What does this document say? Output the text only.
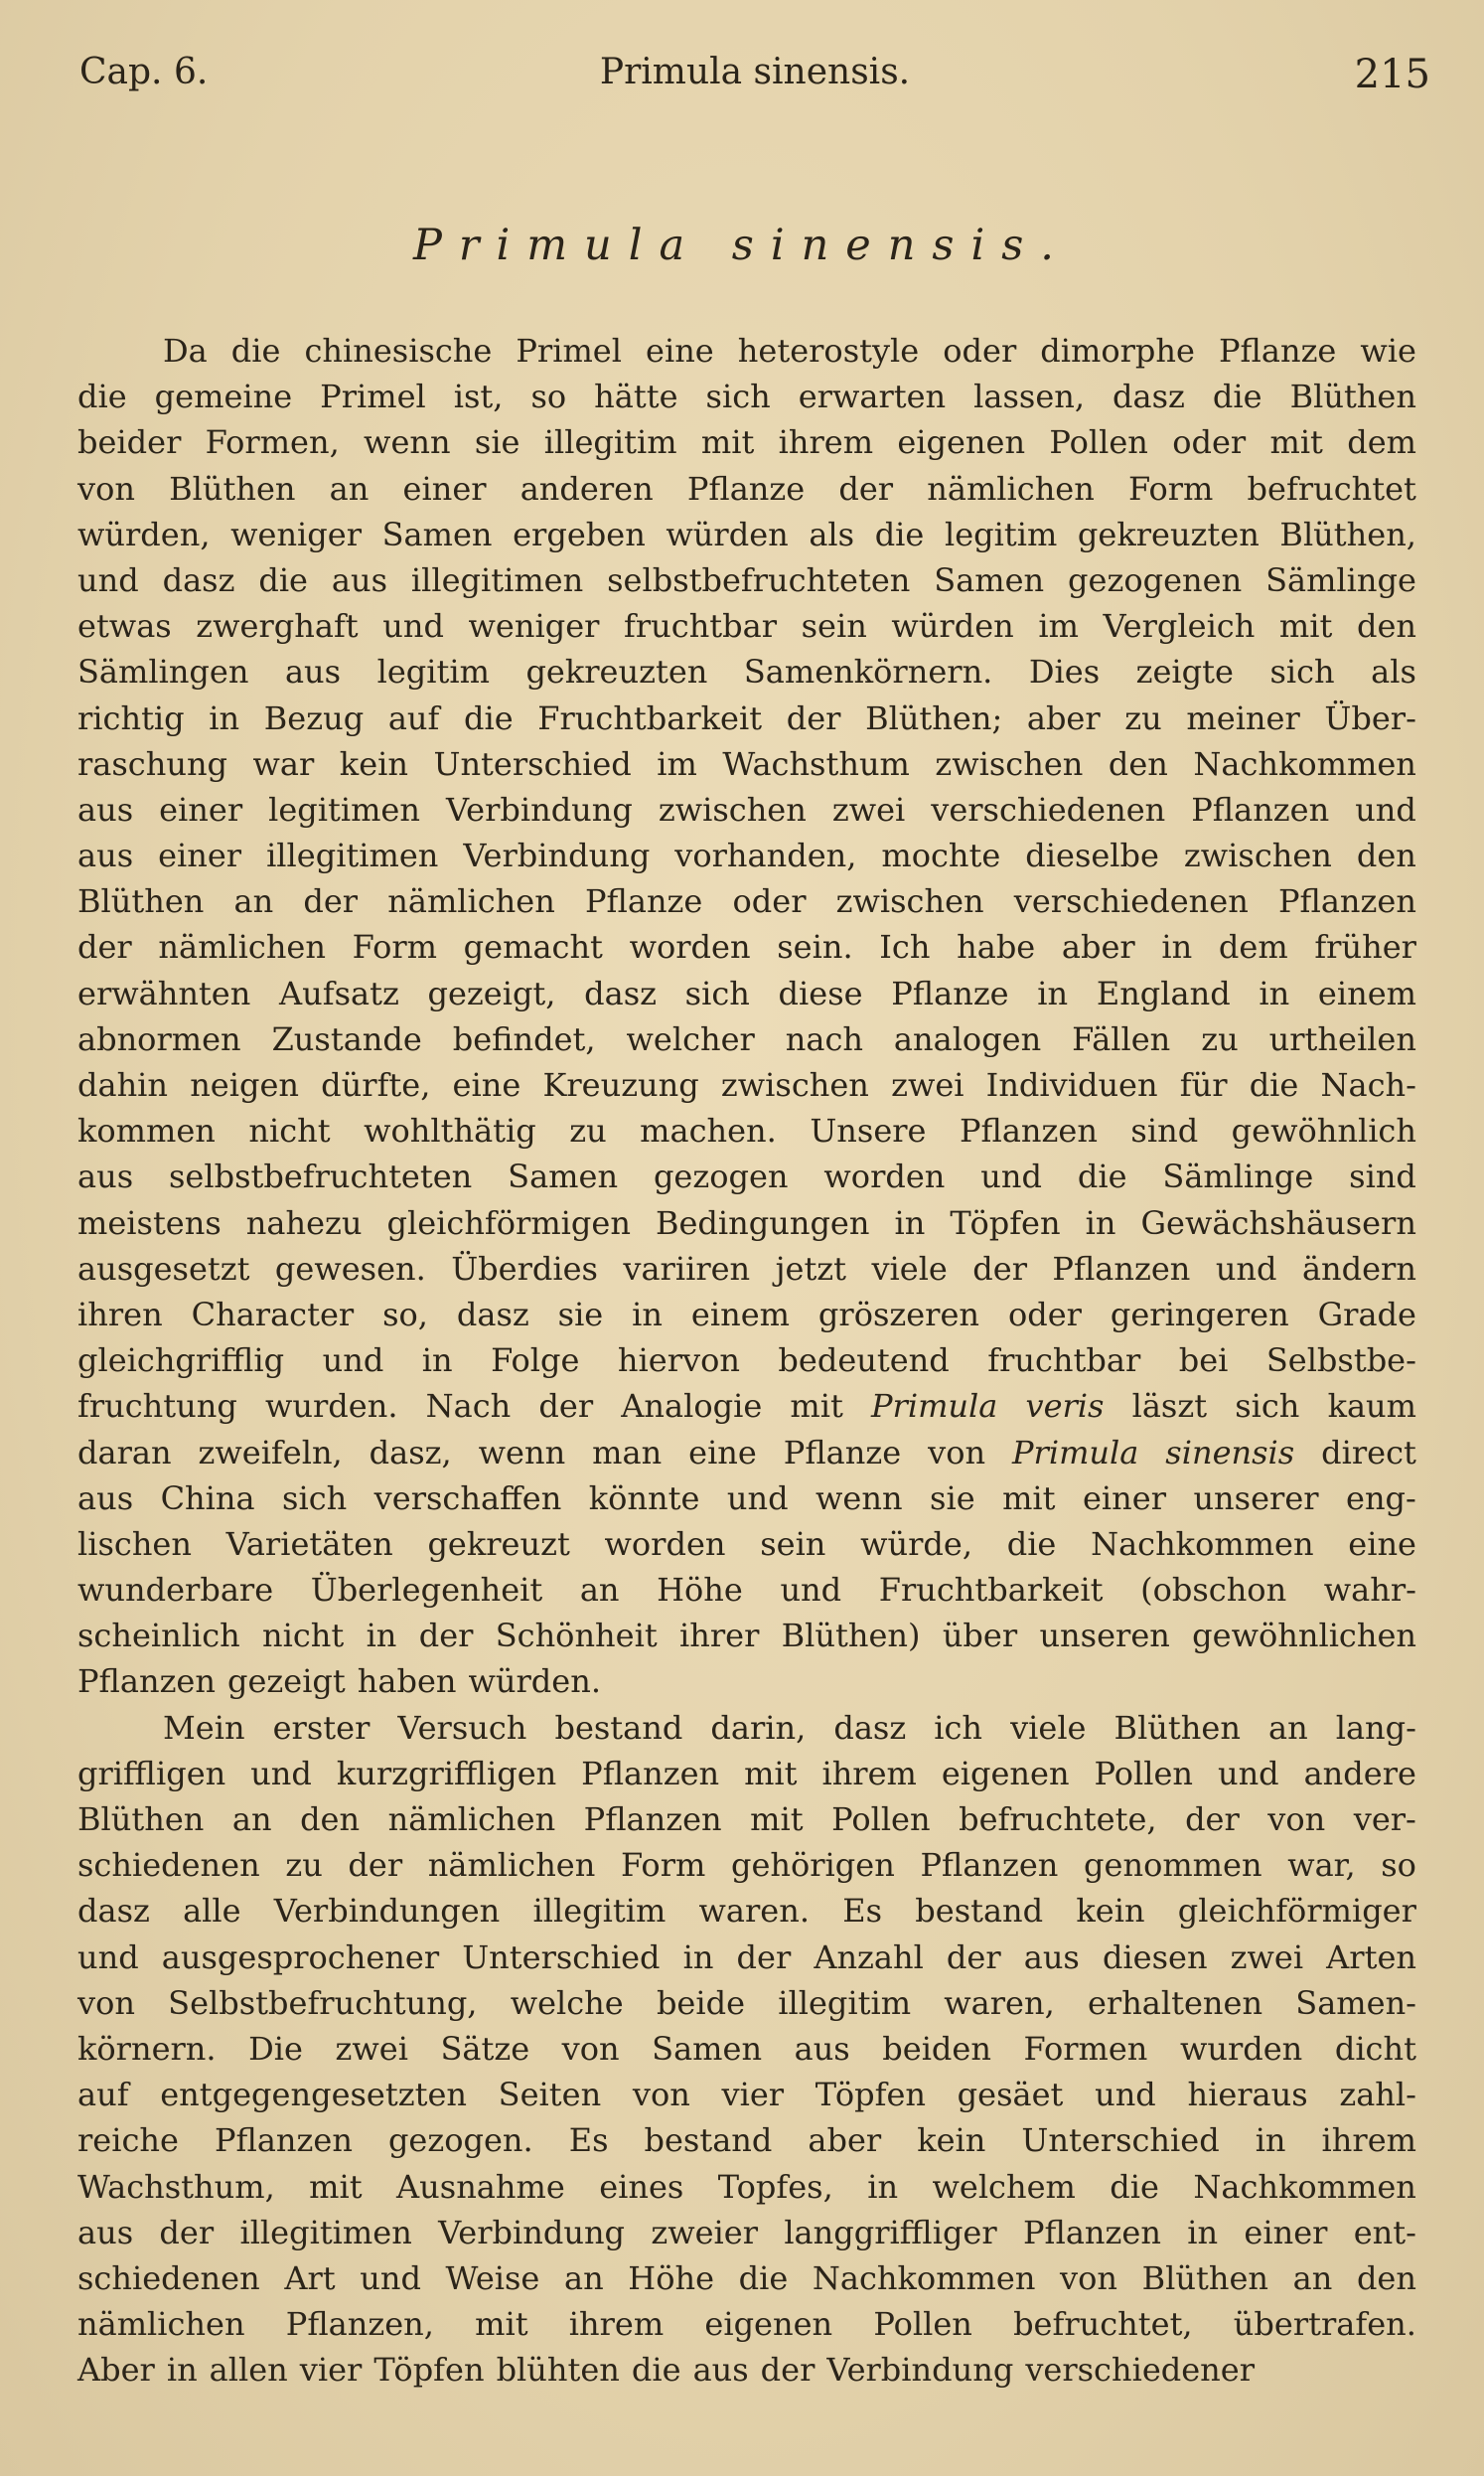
Cap. 6.	Primula sinensis.	215
Primula sinensis.
Da die chinesische Primel eine heterostyle oder dimorphe Pflanze wie
die gemeine Primel ist, so hätte sich erwarten lassen, dasz die Blüthen
beider Formen, wenn sie illegitim mit ihrem eigenen Pollen oder mit dem
von Blüthen an einer anderen Pflanze der nämlichen Form befruchtet
würden, weniger Samen ergeben würden als die legitim gekreuzten Blüthen,
und dasz die aus illegitimen selbstbefruchteten Samen gezogenen Sämlinge
etwas zwerghaft und weniger fruchtbar sein würden im Vergleich mit den
Sämlingen aus legitim gekreuzten Samenkörnern. Dies zeigte sich als
richtig in Bezug auf die Fruchtbarkeit der Blüthen; aber zu meiner Über-
raschung war kein Unterschied im Wachsthum zwischen den Nachkommen
aus einer legitimen Verbindung zwischen zwei verschiedenen Pflanzen und
aus einer illegitimen Verbindung vorhanden, mochte dieselbe zwischen den
Blüthen an der nämlichen Pflanze oder zwischen verschiedenen Pflanzen
der nämlichen Form gemacht worden sein. Ich habe aber in dem früher
erwähnten Aufsatz gezeigt, dasz sich diese Pflanze in England in einem
abnormen Zustande befindet, welcher nach analogen Fällen zu urtheilen
dahin neigen dürfte, eine Kreuzung zwischen zwei Individuen für die Nach-
kommen nicht wohlthätig zu machen. Unsere Pflanzen sind gewöhnlich
aus selbstbefruchteten Samen gezogen worden und die Sämlinge sind
meistens nahezu gleichförmigen Bedingungen in Töpfen in Gewächshäusern
ausgesetzt gewesen. Überdies variiren jetzt viele der Pflanzen und ändern
ihren Character so, dasz sie in einem gröszeren oder geringeren Grade
gleichgrifflig und in Folge hiervon bedeutend fruchtbar bei Selbstbe-
fruchtung wurden. Nach der Analogie mit Primula veris läszt sich kaum
daran zweifeln, dasz, wenn man eine Pflanze von Primula sinensis direct
aus China sich verschaffen könnte und wenn sie mit einer unserer eng-
lischen Varietäten gekreuzt worden sein würde, die Nachkommen eine
wunderbare Überlegenheit an Höhe und Fruchtbarkeit (obschon wahr-
scheinlich nicht in der Schönheit ihrer Blüthen) über unseren gewöhnlichen
Pflanzen gezeigt haben würden.
Mein erster Versuch bestand darin, dasz ich viele Blüthen an lang-
griffligen und kurzgriffligen Pflanzen mit ihrem eigenen Pollen und andere
Blüthen an den nämlichen Pflanzen mit Pollen befruchtete, der von ver-
schiedenen zu der nämlichen Form gehörigen Pflanzen genommen war, so
dasz alle Verbindungen illegitim waren. Es bestand kein gleichförmiger
und ausgesprochener Unterschied in der Anzahl der aus diesen zwei Arten
von Selbstbefruchtung, welche beide illegitim waren, erhaltenen Samen-
körnern. Die zwei Sätze von Samen aus beiden Formen wurden dicht
auf entgegengesetzten Seiten von vier Töpfen gesäet und hieraus zahl-
reiche Pflanzen gezogen. Es bestand aber kein Unterschied in ihrem
Wachsthum, mit Ausnahme eines Topfes, in welchem die Nachkommen
aus der illegitimen Verbindung zweier langgriffliger Pflanzen in einer ent-
schiedenen Art und Weise an Höhe die Nachkommen von Blüthen an den
nämlichen Pflanzen, mit ihrem eigenen Pollen befruchtet, übertrafen.
Aber in allen vier Töpfen blühten die aus der Verbindung verschiedener
